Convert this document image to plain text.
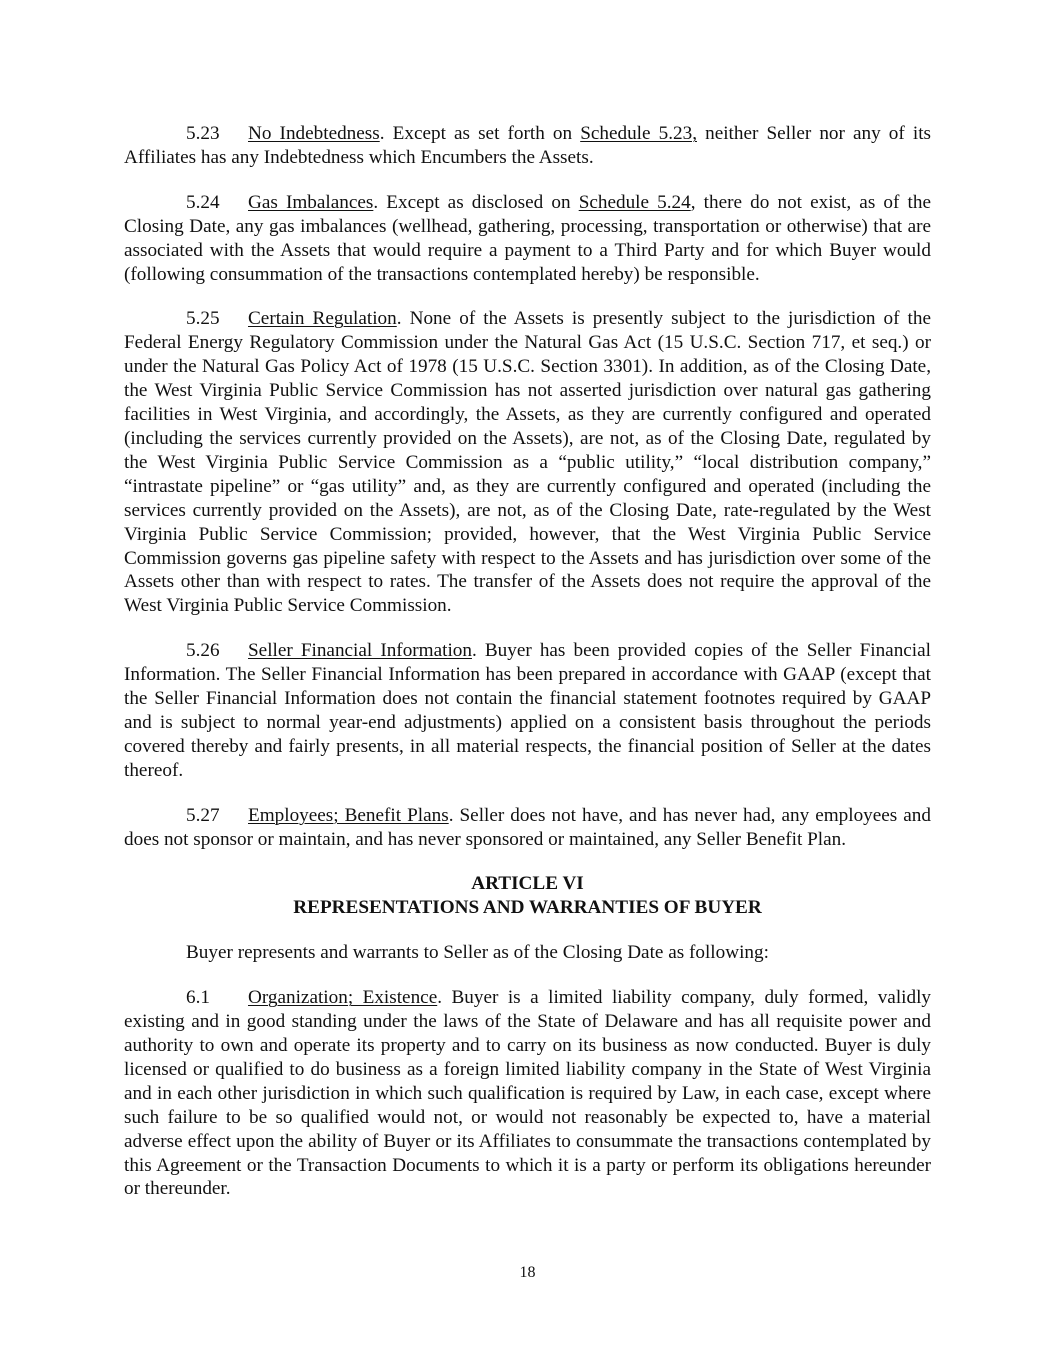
5.23 No Indebtedness. Except as set forth on Schedule 5.23, neither Seller nor any of its Affiliates has any Indebtedness which Encumbers the Assets.

5.24 Gas Imbalances. Except as disclosed on Schedule 5.24, there do not exist, as of the Closing Date, any gas imbalances (wellhead, gathering, processing, transportation or otherwise) that are associated with the Assets that would require a payment to a Third Party and for which Buyer would (following consummation of the transactions contemplated hereby) be responsible.

5.25 Certain Regulation. None of the Assets is presently subject to the jurisdiction of the Federal Energy Regulatory Commission under the Natural Gas Act (15 U.S.C. Section 717, et seq.) or under the Natural Gas Policy Act of 1978 (15 U.S.C. Section 3301). In addition, as of the Closing Date, the West Virginia Public Service Commission has not asserted jurisdiction over natural gas gathering facilities in West Virginia, and accordingly, the Assets, as they are currently configured and operated (including the services currently provided on the Assets), are not, as of the Closing Date, regulated by the West Virginia Public Service Commission as a “public utility,” “local distribution company,” “intrastate pipeline” or “gas utility” and, as they are currently configured and operated (including the services currently provided on the Assets), are not, as of the Closing Date, rate-regulated by the West Virginia Public Service Commission; provided, however, that the West Virginia Public Service Commission governs gas pipeline safety with respect to the Assets and has jurisdiction over some of the Assets other than with respect to rates. The transfer of the Assets does not require the approval of the West Virginia Public Service Commission.

5.26 Seller Financial Information. Buyer has been provided copies of the Seller Financial Information. The Seller Financial Information has been prepared in accordance with GAAP (except that the Seller Financial Information does not contain the financial statement footnotes required by GAAP and is subject to normal year-end adjustments) applied on a consistent basis throughout the periods covered thereby and fairly presents, in all material respects, the financial position of Seller at the dates thereof.

5.27 Employees; Benefit Plans. Seller does not have, and has never had, any employees and does not sponsor or maintain, and has never sponsored or maintained, any Seller Benefit Plan.

ARTICLE VI
REPRESENTATIONS AND WARRANTIES OF BUYER

Buyer represents and warrants to Seller as of the Closing Date as following:

6.1 Organization; Existence. Buyer is a limited liability company, duly formed, validly existing and in good standing under the laws of the State of Delaware and has all requisite power and authority to own and operate its property and to carry on its business as now conducted. Buyer is duly licensed or qualified to do business as a foreign limited liability company in the State of West Virginia and in each other jurisdiction in which such qualification is required by Law, in each case, except where such failure to be so qualified would not, or would not reasonably be expected to, have a material adverse effect upon the ability of Buyer or its Affiliates to consummate the transactions contemplated by this Agreement or the Transaction Documents to which it is a party or perform its obligations hereunder or thereunder.

18
